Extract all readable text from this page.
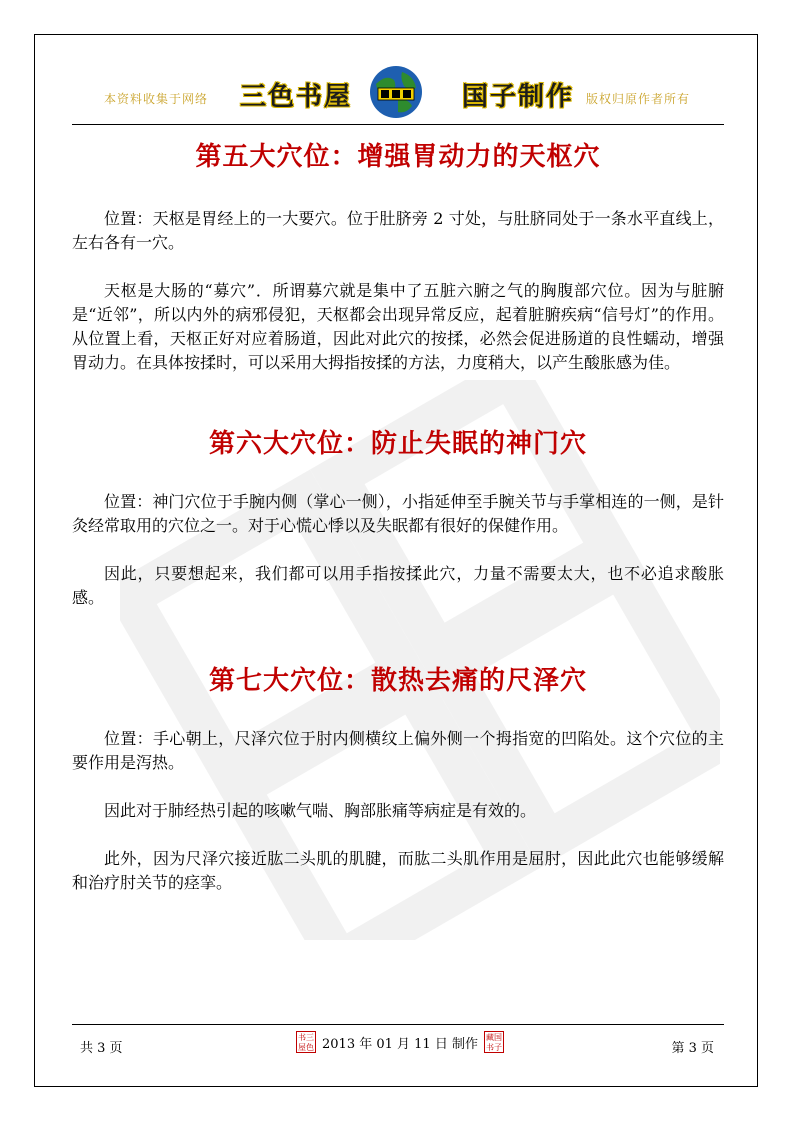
本资料收集于网络 三色书屋	国子制作 版权归原作者所有
第五大穴位：增强胃动力的天枢穴

位置：天枢是胃经上的一大要穴。位于肚脐旁 2 寸处，与肚脐同处于一条水平直线上，左右各有一穴。

天枢是大肠的“募穴”．所谓募穴就是集中了五脏六腑之气的胸腹部穴位。因为与脏腑是“近邻”，所以内外的病邪侵犯，天枢都会出现异常反应，起着脏腑疾病“信号灯”的作用。从位置上看，天枢正好对应着肠道，因此对此穴的按揉，必然会促进肠道的良性蠕动，增强胃动力。在具体按揉时，可以采用大拇指按揉的方法，力度稍大，以产生酸胀感为佳。

第六大穴位：防止失眠的神门穴

位置：神门穴位于手腕内侧（掌心一侧），小指延伸至手腕关节与手掌相连的一侧，是针灸经常取用的穴位之一。对于心慌心悸以及失眠都有很好的保健作用。

因此，只要想起来，我们都可以用手指按揉此穴，力量不需要太大，也不必追求酸胀感。

第七大穴位：散热去痛的尺泽穴

位置：手心朝上，尺泽穴位于肘内侧横纹上偏外侧一个拇指宽的凹陷处。这个穴位的主要作用是泻热。

因此对于肺经热引起的咳嗽气喘、胸部胀痛等病症是有效的。

此外，因为尺泽穴接近肱二头肌的肌腱，而肱二头肌作用是屈肘，因此此穴也能够缓解和治疗肘关节的痉挛。

共 3 页
书三屋色 2013 年 01 月 11 日 制作 藏国书子	第 3 页
